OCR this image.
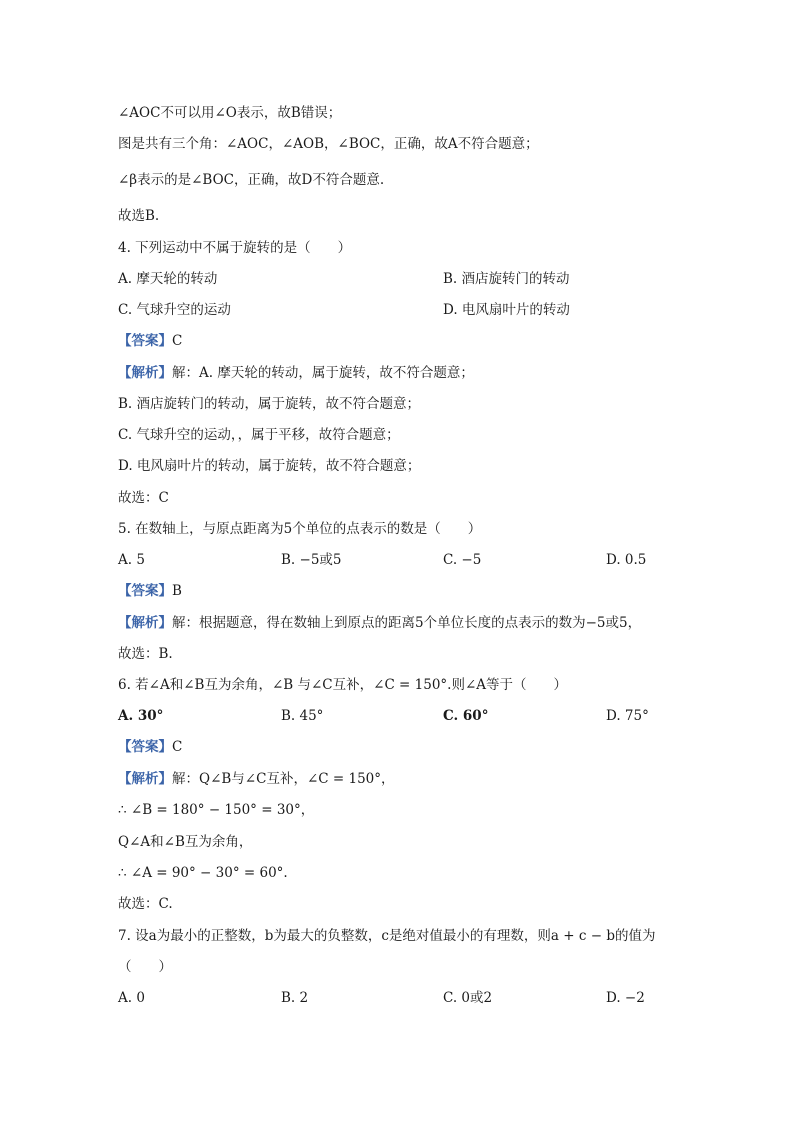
∠AOC不可以用∠O表示，故B错误；
图是共有三个角：∠AOC，∠AOB，∠BOC，正确，故A不符合题意；
∠β表示的是∠BOC，正确，故D不符合题意.
故选B.
4. 下列运动中不属于旋转的是（　　）
A. 摩天轮的转动	B. 酒店旋转门的转动
C. 气球升空的运动	D. 电风扇叶片的转动
【答案】C
【解析】解：A. 摩天轮的转动，属于旋转，故不符合题意；
B. 酒店旋转门的转动，属于旋转，故不符合题意；
C. 气球升空的运动，，属于平移，故符合题意；
D. 电风扇叶片的转动，属于旋转，故不符合题意；
故选：C
5. 在数轴上，与原点距离为5个单位的点表示的数是（　　）
A. 5	B. −5或5	C. −5	D. 0.5
【答案】B
【解析】解：根据题意，得在数轴上到原点的距离5个单位长度的点表示的数为−5或5，
故选：B.
6. 若∠A和∠B互为余角，∠B 与∠C互补，∠C = 150°.则∠A等于（　　）
A. 30°	B. 45°	C. 60°	D. 75°
【答案】C
【解析】解：Q∠B与∠C互补，∠C = 150°，
∴ ∠B = 180° − 150° = 30°，
Q∠A和∠B互为余角，
∴ ∠A = 90° − 30° = 60°.
故选：C.
7. 设a为最小的正整数，b为最大的负整数，c是绝对值最小的有理数，则a + c − b的值为
（　　）
A. 0	B. 2	C. 0或2	D. −2
